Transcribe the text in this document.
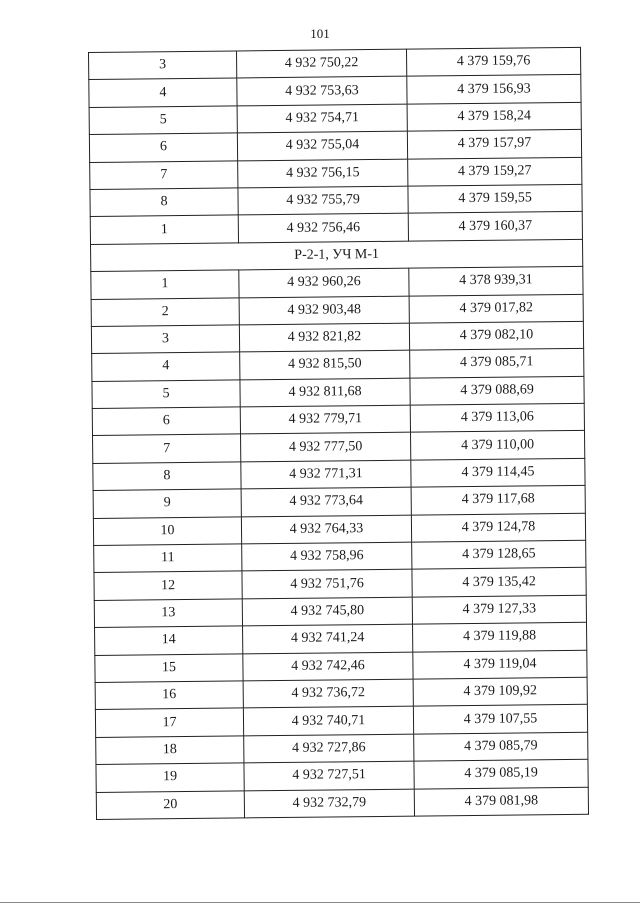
101
3	4 932 750,22	4 379 159,76
4	4 932 753,63	4 379 156,93
5	4 932 754,71	4 379 158,24
6	4 932 755,04	4 379 157,97
7	4 932 756,15	4 379 159,27
8	4 932 755,79	4 379 159,55
1	4 932 756,46	4 379 160,37
Р-2-1, УЧ М-1		
1	4 932 960,26	4 378 939,31
2	4 932 903,48	4 379 017,82
3	4 932 821,82	4 379 082,10
4	4 932 815,50	4 379 085,71
5	4 932 811,68	4 379 088,69
6	4 932 779,71	4 379 113,06
7	4 932 777,50	4 379 110,00
8	4 932 771,31	4 379 114,45
9	4 932 773,64	4 379 117,68
10	4 932 764,33	4 379 124,78
11	4 932 758,96	4 379 128,65
12	4 932 751,76	4 379 135,42
13	4 932 745,80	4 379 127,33
14	4 932 741,24	4 379 119,88
15	4 932 742,46	4 379 119,04
16	4 932 736,72	4 379 109,92
17	4 932 740,71	4 379 107,55
18	4 932 727,86	4 379 085,79
19	4 932 727,51	4 379 085,19
20	4 932 732,79	4 379 081,98
